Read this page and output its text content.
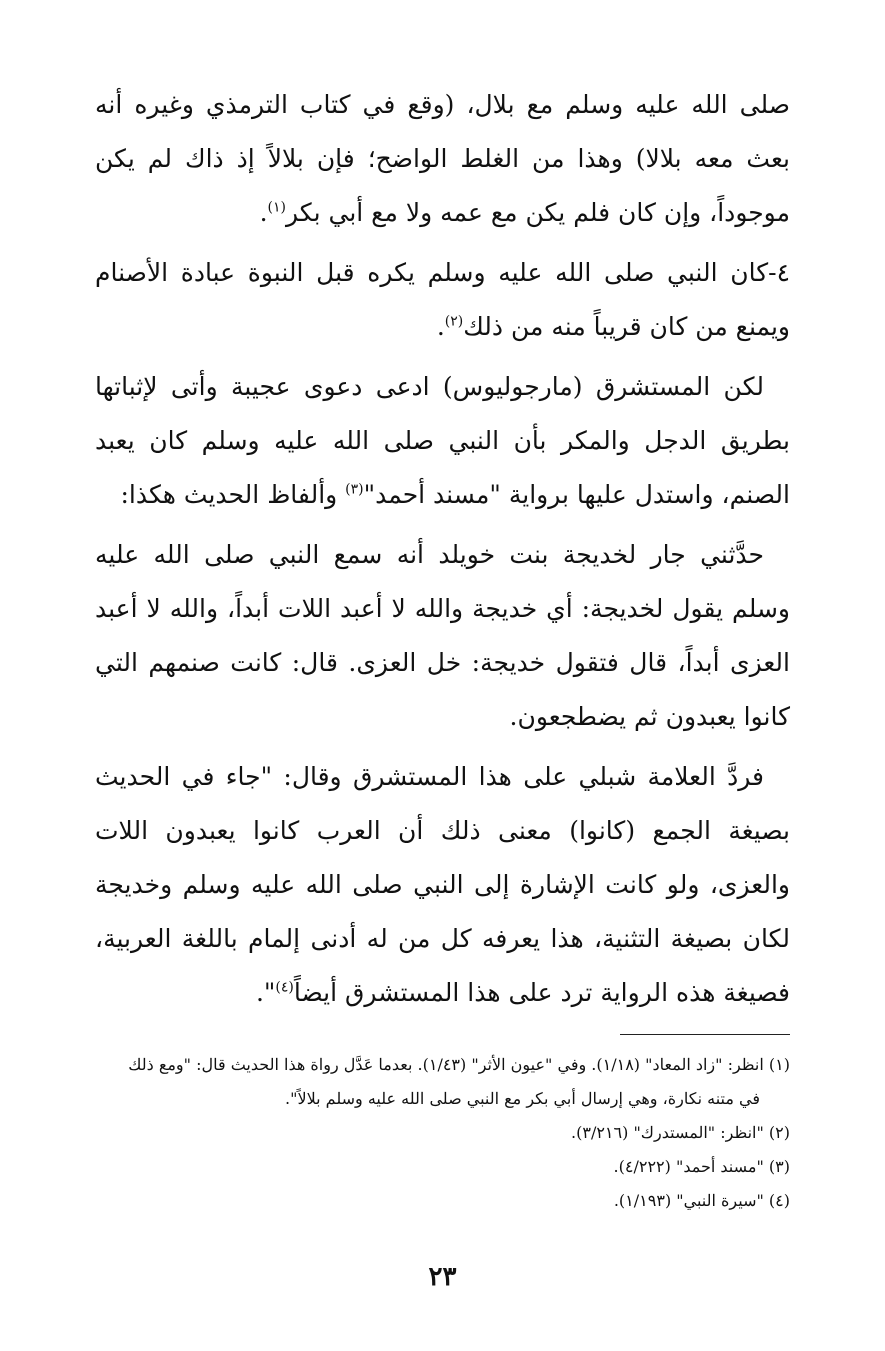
صلى الله عليه وسلم مع بلال، (وقع في كتاب الترمذي وغيره أنه بعث معه بلالا) وهذا من الغلط الواضح؛ فإن بلالاً إذ ذاك لم يكن موجوداً، وإن كان فلم يكن مع عمه ولا مع أبي بكر$^{(١)}$.

٤-كان النبي صلى الله عليه وسلم يكره قبل النبوة عبادة الأصنام ويمنع من كان قريباً منه من ذلك$^{(٢)}$.

لكن المستشرق (مارجوليوس) ادعى دعوى عجيبة وأتى لإثباتها بطريق الدجل والمكر بأن النبي صلى الله عليه وسلم كان يعبد الصنم، واستدل عليها برواية "مسند أحمد"$^{(٣)}$ وألفاظ الحديث هكذا:

حدَّثني جار لخديجة بنت خويلد أنه سمع النبي صلى الله عليه وسلم يقول لخديجة: أي خديجة والله لا أعبد اللات أبداً، والله لا أعبد العزى أبداً، قال فتقول خديجة: خل العزى. قال: كانت صنمهم التي كانوا يعبدون ثم يضطجعون.

فردَّ العلامة شبلي على هذا المستشرق وقال: "جاء في الحديث بصيغة الجمع (كانوا) معنى ذلك أن العرب كانوا يعبدون اللات والعزى، ولو كانت الإشارة إلى النبي صلى الله عليه وسلم وخديجة لكان بصيغة التثنية، هذا يعرفه كل من له أدنى إلمام باللغة العربية، فصيغة هذه الرواية ترد على هذا المستشرق أيضاً$^{(٤)}$".

(١) انظر: "زاد المعاد" (١/١٨). وفي "عيون الأثر" (١/٤٣). بعدما عَدَّل رواة هذا الحديث قال: "ومع ذلك

في متنه نكارة، وهي إرسال أبي بكر مع النبي صلى الله عليه وسلم بلالاً".

(٢) "انظر: "المستدرك" (٣/٢١٦).

(٣) "مسند أحمد" (٤/٢٢٢).

(٤) "سيرة النبي" (١/١٩٣).

٢٣
